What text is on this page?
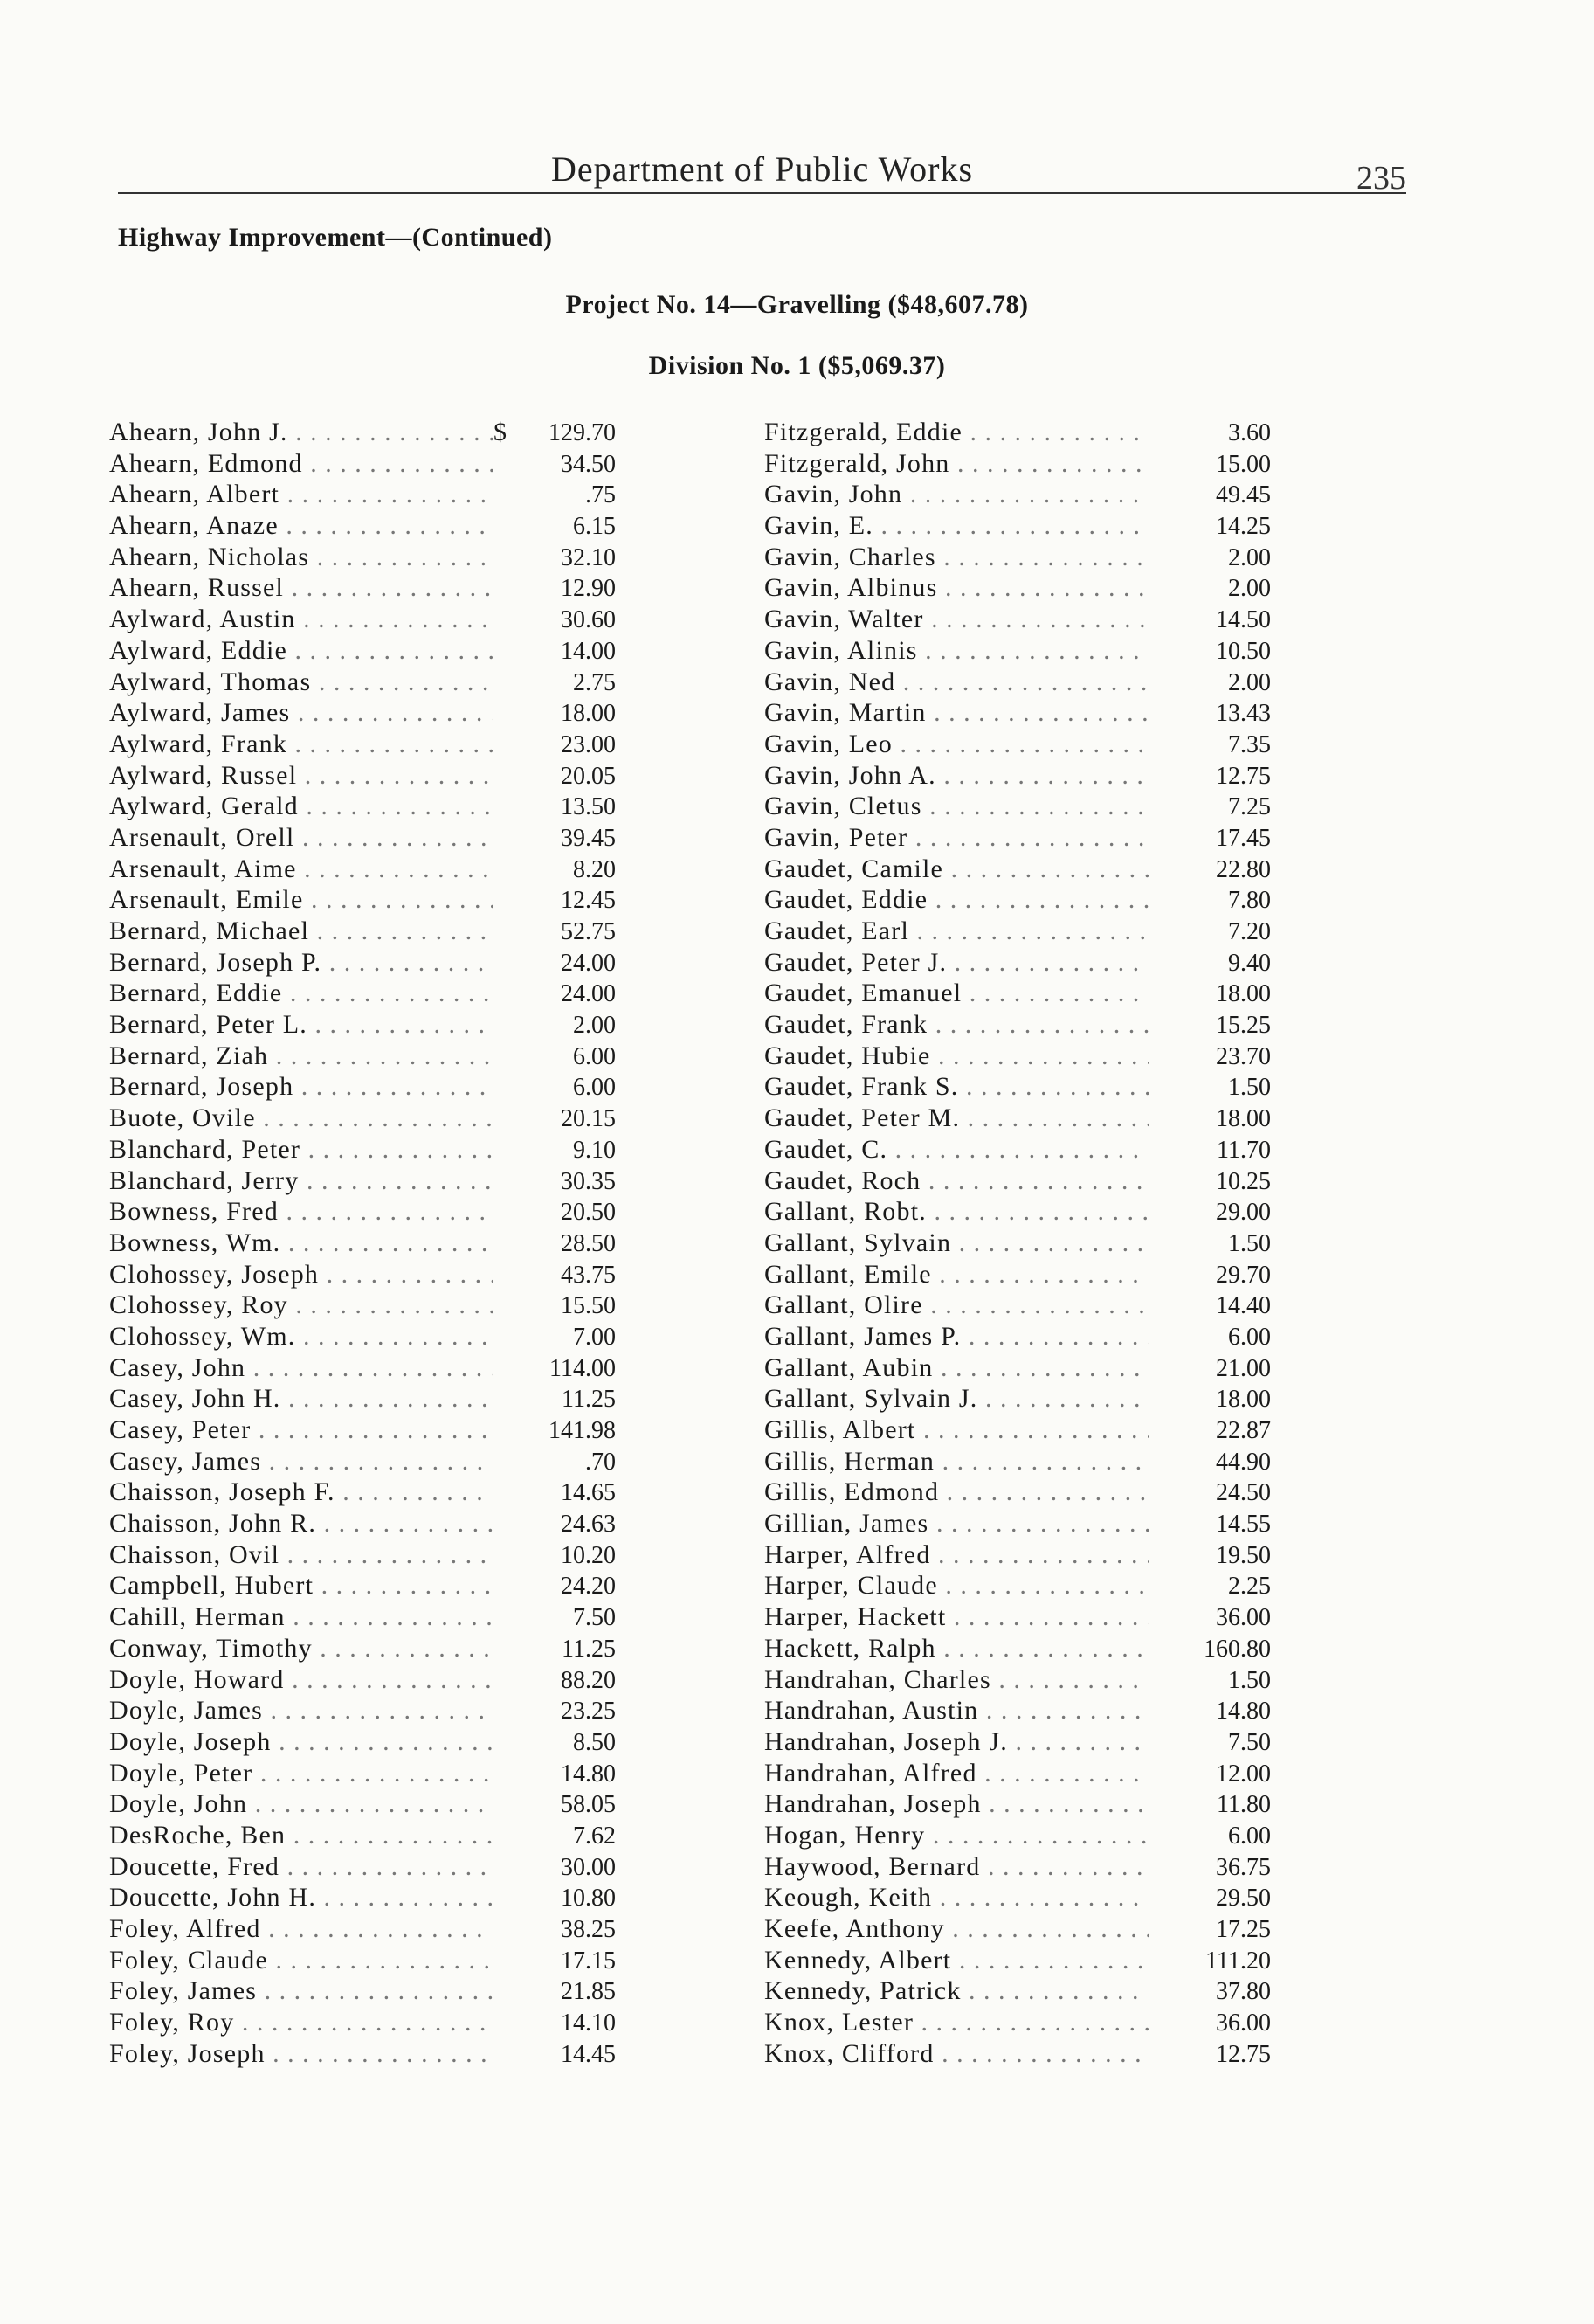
Department of Public Works	235
Highway Improvement—(Continued)
Project No. 14—Gravelling ($48,607.78)
Division No. 1 ($5,069.37)
Ahearn, John J. . . .	$	129.70
Ahearn, Edmond . . .	34.50
Ahearn, Albert . . .	.75
Ahearn, Anaze . . .	6.15
Ahearn, Nicholas . . .	32.10
Ahearn, Russel . . .	12.90
Aylward, Austin . . .	30.60
Aylward, Eddie . . .	14.00
Aylward, Thomas . . .	2.75
Aylward, James . . .	18.00
Aylward, Frank . . .	23.00
Aylward, Russel . . .	20.05
Aylward, Gerald . . .	13.50
Arsenault, Orell . . .	39.45
Arsenault, Aime . . .	8.20
Arsenault, Emile . . .	12.45
Bernard, Michael . . .	52.75
Bernard, Joseph P. . . .	24.00
Bernard, Eddie . . .	24.00
Bernard, Peter L. . . .	2.00
Bernard, Ziah . . .	6.00
Bernard, Joseph . . .	6.00
Buote, Ovile . . .	20.15
Blanchard, Peter . . .	9.10
Blanchard, Jerry . . .	30.35
Bowness, Fred . . .	20.50
Bowness, Wm. . . .	28.50
Clohossey, Joseph . . .	43.75
Clohossey, Roy . . .	15.50
Clohossey, Wm. . . .	7.00
Casey, John . . .	114.00
Casey, John H. . . .	11.25
Casey, Peter . . .	141.98
Casey, James . . .	.70
Chaisson, Joseph F. . . .	14.65
Chaisson, John R. . . .	24.63
Chaisson, Ovil . . .	10.20
Campbell, Hubert . . .	24.20
Cahill, Herman . . .	7.50
Conway, Timothy . . .	11.25
Doyle, Howard . . .	88.20
Doyle, James . . .	23.25
Doyle, Joseph . . .	8.50
Doyle, Peter . . .	14.80
Doyle, John . . .	58.05
DesRoche, Ben . . .	7.62
Doucette, Fred . . .	30.00
Doucette, John H. . . .	10.80
Foley, Alfred . . .	38.25
Foley, Claude . . .	17.15
Foley, James . . .	21.85
Foley, Roy . . .	14.10
Foley, Joseph . . .	14.45
Fitzgerald, Eddie . . .	3.60
Fitzgerald, John . . .	15.00
Gavin, John . . .	49.45
Gavin, E. . . .	14.25
Gavin, Charles . . .	2.00
Gavin, Albinus . . .	2.00
Gavin, Walter . . .	14.50
Gavin, Alinis . . .	10.50
Gavin, Ned . . .	2.00
Gavin, Martin . . .	13.43
Gavin, Leo . . .	7.35
Gavin, John A. . . .	12.75
Gavin, Cletus . . .	7.25
Gavin, Peter . . .	17.45
Gaudet, Camile . . .	22.80
Gaudet, Eddie . . .	7.80
Gaudet, Earl . . .	7.20
Gaudet, Peter J. . . .	9.40
Gaudet, Emanuel . . .	18.00
Gaudet, Frank . . .	15.25
Gaudet, Hubie . . .	23.70
Gaudet, Frank S. . . .	1.50
Gaudet, Peter M. . . .	18.00
Gaudet, C. . . .	11.70
Gaudet, Roch . . .	10.25
Gallant, Robt. . . .	29.00
Gallant, Sylvain . . .	1.50
Gallant, Emile . . .	29.70
Gallant, Olire . . .	14.40
Gallant, James P. . . .	6.00
Gallant, Aubin . . .	21.00
Gallant, Sylvain J. . . .	18.00
Gillis, Albert . . .	22.87
Gillis, Herman . . .	44.90
Gillis, Edmond . . .	24.50
Gillian, James . . .	14.55
Harper, Alfred . . .	19.50
Harper, Claude . . .	2.25
Harper, Hackett . . .	36.00
Hackett, Ralph . . .	160.80
Handrahan, Charles . . .	1.50
Handrahan, Austin . . .	14.80
Handrahan, Joseph J. . . .	7.50
Handrahan, Alfred . . .	12.00
Handrahan, Joseph . . .	11.80
Hogan, Henry . . .	6.00
Haywood, Bernard . . .	36.75
Keough, Keith . . .	29.50
Keefe, Anthony . . .	17.25
Kennedy, Albert . . .	111.20
Kennedy, Patrick . . .	37.80
Knox, Lester . . .	36.00
Knox, Clifford . . .	12.75
